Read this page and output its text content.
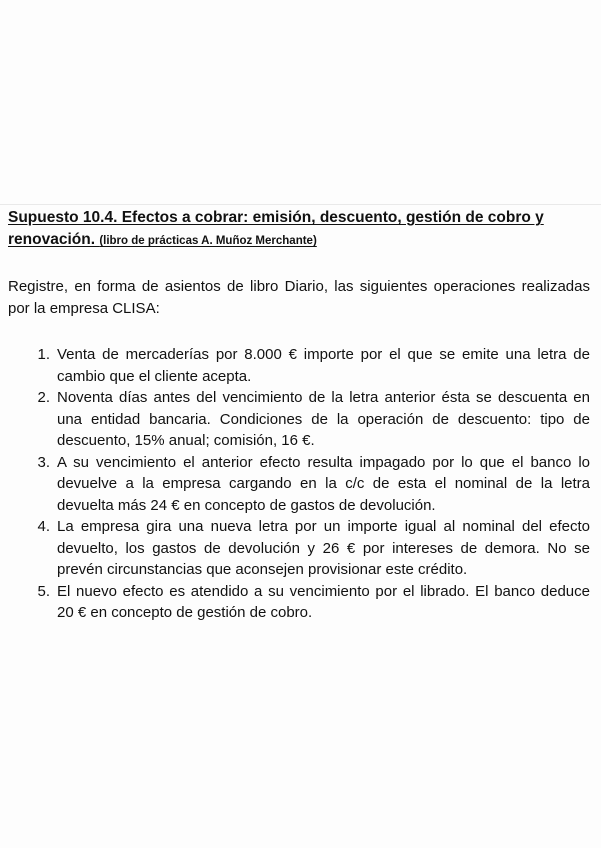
Supuesto 10.4. Efectos a cobrar: emisión, descuento, gestión de cobro y renovación. (libro de prácticas A. Muñoz Merchante)

Registre, en forma de asientos de libro Diario, las siguientes operaciones realizadas por la empresa CLISA:

1. Venta de mercaderías por 8.000 € importe por el que se emite una letra de cambio que el cliente acepta.
2. Noventa días antes del vencimiento de la letra anterior ésta se descuenta en una entidad bancaria. Condiciones de la operación de descuento: tipo de descuento, 15% anual; comisión, 16 €.
3. A su vencimiento el anterior efecto resulta impagado por lo que el banco lo devuelve a la empresa cargando en la c/c de esta el nominal de la letra devuelta más 24 € en concepto de gastos de devolución.
4. La empresa gira una nueva letra por un importe igual al nominal del efecto devuelto, los gastos de devolución y 26 € por intereses de demora. No se prevén circunstancias que aconsejen provisionar este crédito.
5. El nuevo efecto es atendido a su vencimiento por el librado. El banco deduce 20 € en concepto de gestión de cobro.
